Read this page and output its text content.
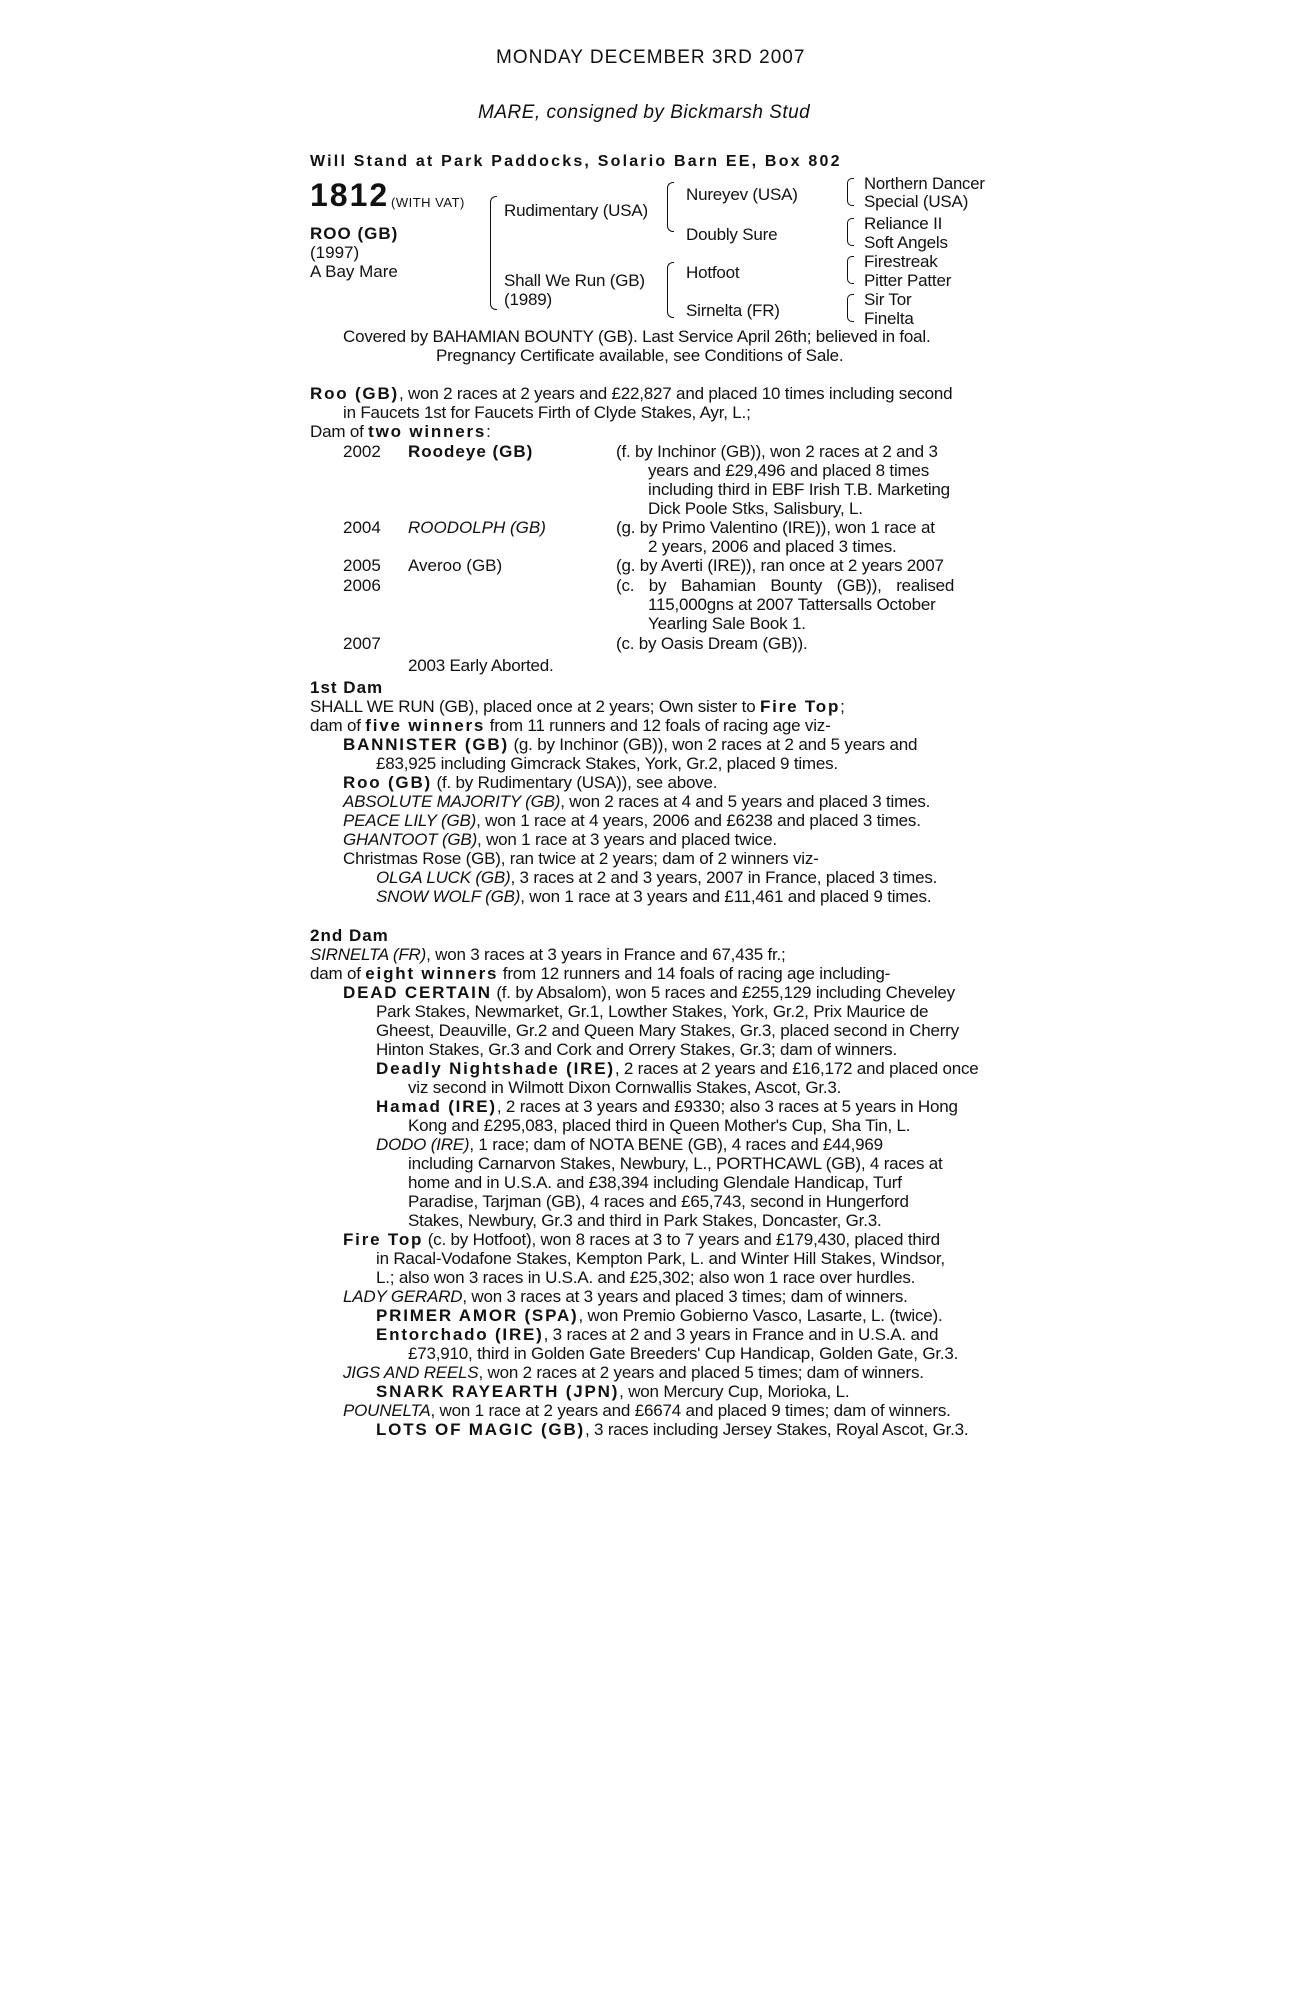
MONDAY DECEMBER 3RD 2007
MARE, consigned by Bickmarsh Stud
Will Stand at Park Paddocks, Solario Barn EE, Box 802
1812 (WITH VAT)
ROO (GB)
(1997)
A Bay Mare
Rudimentary (USA)
Shall We Run (GB)
(1989)
Nureyev (USA)
Doubly Sure
Hotfoot
Sirnelta (FR)
Northern Dancer
Special (USA)
Reliance II
Soft Angels
Firestreak
Pitter Patter
Sir Tor
Finelta
Covered by BAHAMIAN BOUNTY (GB). Last Service April 26th; believed in foal.
Pregnancy Certificate available, see Conditions of Sale.
Roo (GB), won 2 races at 2 years and £22,827 and placed 10 times including second
in Faucets 1st for Faucets Firth of Clyde Stakes, Ayr, L.;
Dam of two winners:
2002 Roodeye (GB)	(f. by Inchinor (GB)), won 2 races at 2 and 3
years and £29,496 and placed 8 times
including third in EBF Irish T.B. Marketing
Dick Poole Stks, Salisbury, L.
2004 ROODOLPH (GB)	(g. by Primo Valentino (IRE)), won 1 race at
2 years, 2006 and placed 3 times.
2005 Averoo (GB)	(g. by Averti (IRE)), ran once at 2 years 2007
2006	(c. by Bahamian Bounty (GB)), realised
115,000gns at 2007 Tattersalls October
Yearling Sale Book 1.
2007	(c. by Oasis Dream (GB)).
2003 Early Aborted.
1st Dam
SHALL WE RUN (GB), placed once at 2 years; Own sister to Fire Top;
dam of five winners from 11 runners and 12 foals of racing age viz-
BANNISTER (GB) (g. by Inchinor (GB)), won 2 races at 2 and 5 years and
£83,925 including Gimcrack Stakes, York, Gr.2, placed 9 times.
Roo (GB) (f. by Rudimentary (USA)), see above.
ABSOLUTE MAJORITY (GB), won 2 races at 4 and 5 years and placed 3 times.
PEACE LILY (GB), won 1 race at 4 years, 2006 and £6238 and placed 3 times.
GHANTOOT (GB), won 1 race at 3 years and placed twice.
Christmas Rose (GB), ran twice at 2 years; dam of 2 winners viz-
OLGA LUCK (GB), 3 races at 2 and 3 years, 2007 in France, placed 3 times.
SNOW WOLF (GB), won 1 race at 3 years and £11,461 and placed 9 times.
2nd Dam
SIRNELTA (FR), won 3 races at 3 years in France and 67,435 fr.;
dam of eight winners from 12 runners and 14 foals of racing age including-
DEAD CERTAIN (f. by Absalom), won 5 races and £255,129 including Cheveley
Park Stakes, Newmarket, Gr.1, Lowther Stakes, York, Gr.2, Prix Maurice de
Gheest, Deauville, Gr.2 and Queen Mary Stakes, Gr.3, placed second in Cherry
Hinton Stakes, Gr.3 and Cork and Orrery Stakes, Gr.3; dam of winners.
Deadly Nightshade (IRE), 2 races at 2 years and £16,172 and placed once
viz second in Wilmott Dixon Cornwallis Stakes, Ascot, Gr.3.
Hamad (IRE), 2 races at 3 years and £9330; also 3 races at 5 years in Hong
Kong and £295,083, placed third in Queen Mother's Cup, Sha Tin, L.
DODO (IRE), 1 race; dam of NOTA BENE (GB), 4 races and £44,969
including Carnarvon Stakes, Newbury, L., PORTHCAWL (GB), 4 races at
home and in U.S.A. and £38,394 including Glendale Handicap, Turf
Paradise, Tarjman (GB), 4 races and £65,743, second in Hungerford
Stakes, Newbury, Gr.3 and third in Park Stakes, Doncaster, Gr.3.
Fire Top (c. by Hotfoot), won 8 races at 3 to 7 years and £179,430, placed third
in Racal-Vodafone Stakes, Kempton Park, L. and Winter Hill Stakes, Windsor,
L.; also won 3 races in U.S.A. and £25,302; also won 1 race over hurdles.
LADY GERARD, won 3 races at 3 years and placed 3 times; dam of winners.
PRIMER AMOR (SPA), won Premio Gobierno Vasco, Lasarte, L. (twice).
Entorchado (IRE), 3 races at 2 and 3 years in France and in U.S.A. and
£73,910, third in Golden Gate Breeders' Cup Handicap, Golden Gate, Gr.3.
JIGS AND REELS, won 2 races at 2 years and placed 5 times; dam of winners.
SNARK RAYEARTH (JPN), won Mercury Cup, Morioka, L.
POUNELTA, won 1 race at 2 years and £6674 and placed 9 times; dam of winners.
LOTS OF MAGIC (GB), 3 races including Jersey Stakes, Royal Ascot, Gr.3.
